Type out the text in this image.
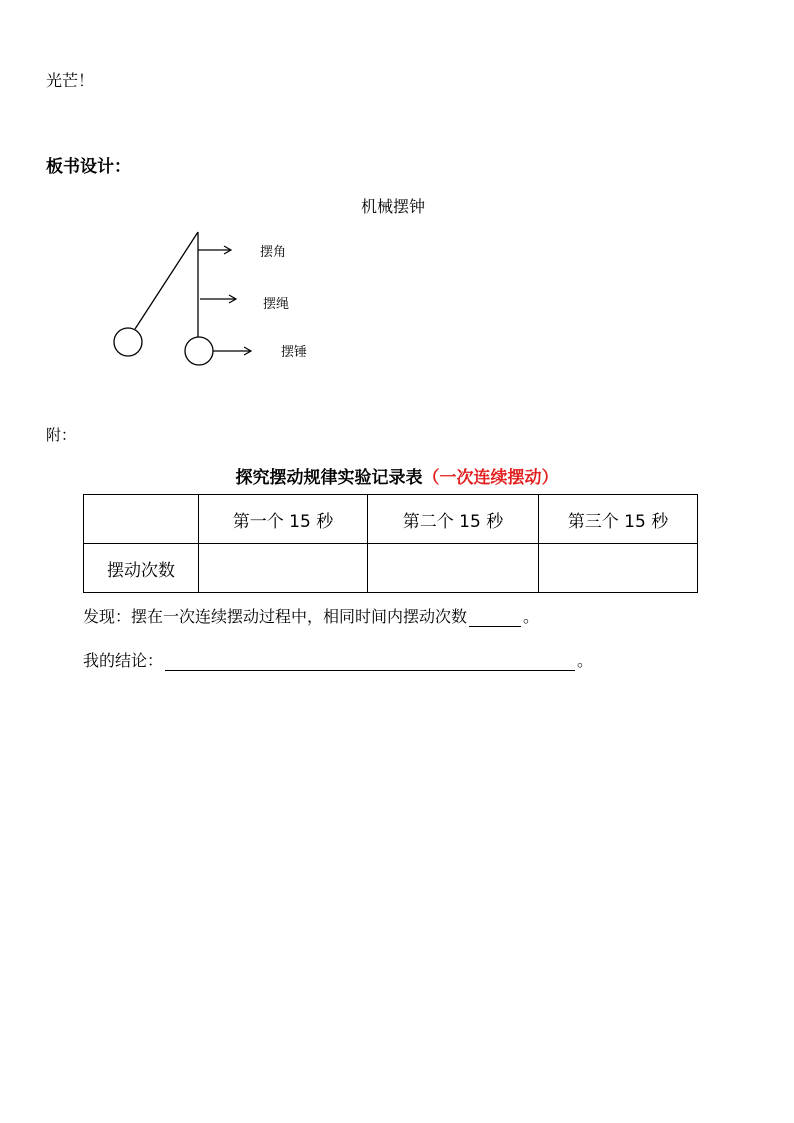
光芒！
板书设计：
机械摆钟
摆角
摆绳
摆锤
附：
探究摆动规律实验记录表（一次连续摆动）
	第一个 15 秒	第二个 15 秒	第三个 15 秒
摆动次数			
发现：摆在一次连续摆动过程中，相同时间内摆动次数	。
我的结论：	。
